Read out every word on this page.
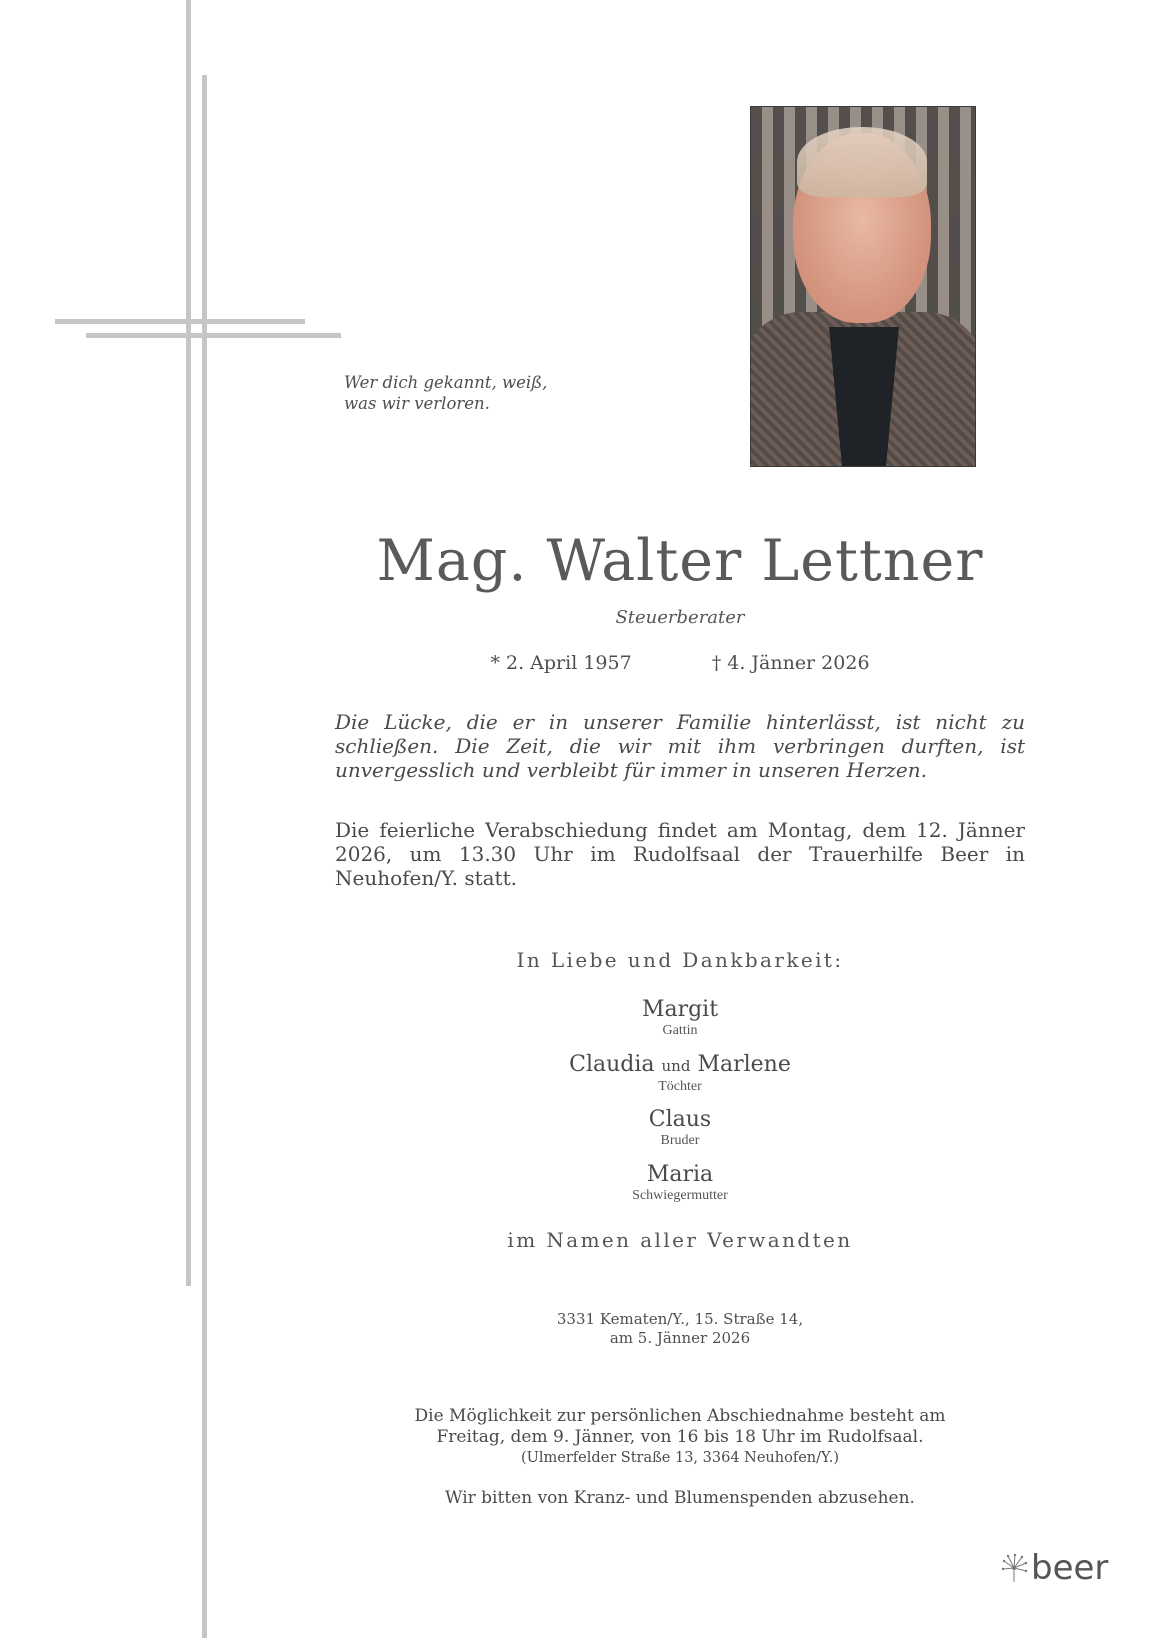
Wer dich gekannt, weiß,
was wir verloren.
Mag. Walter Lettner
Steuerberater
* 2. April 1957	† 4. Jänner 2026
Die Lücke, die er in unserer Familie hinterlässt, ist nicht zu schließen. Die Zeit, die wir mit ihm verbringen durften, ist unvergesslich und verbleibt für immer in unseren Herzen.
Die feierliche Verabschiedung findet am Montag, dem 12. Jänner 2026, um 13.30 Uhr im Rudolfsaal der Trauerhilfe Beer in Neuhofen/Y. statt.
In Liebe und Dankbarkeit:
Margit
Gattin
Claudia und Marlene
Töchter
Claus
Bruder
Maria
Schwiegermutter
im Namen aller Verwandten
3331 Kematen/Y., 15. Straße 14,
am 5. Jänner 2026
Die Möglichkeit zur persönlichen Abschiednahme besteht am
Freitag, dem 9. Jänner, von 16 bis 18 Uhr im Rudolfsaal.
(Ulmerfelder Straße 13, 3364 Neuhofen/Y.)
Wir bitten von Kranz- und Blumenspenden abzusehen.
beer
